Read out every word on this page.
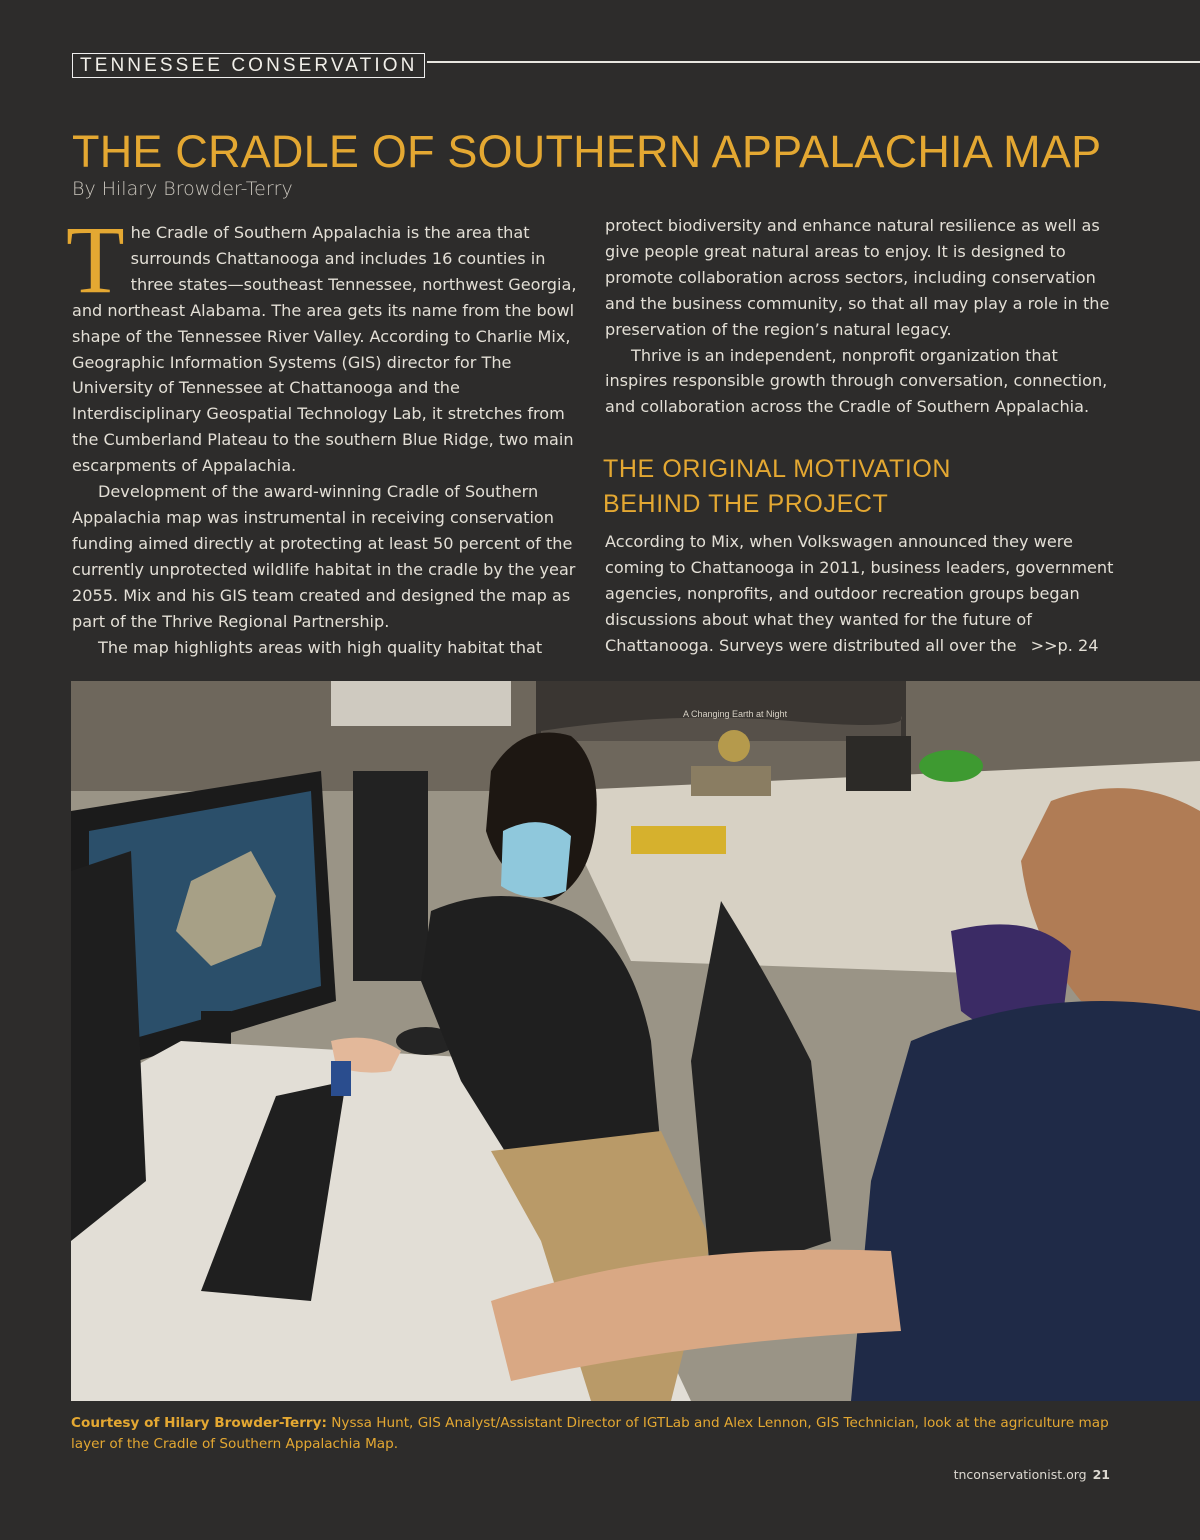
TENNESSEE CONSERVATION
THE CRADLE OF SOUTHERN APPALACHIA MAP
By Hilary Browder-Terry

The Cradle of Southern Appalachia is the area that surrounds Chattanooga and includes 16 counties in three states—southeast Tennessee, northwest Georgia, and northeast Alabama. The area gets its name from the bowl shape of the Tennessee River Valley. According to Charlie Mix, Geographic Information Systems (GIS) director for The University of Tennessee at Chattanooga and the Interdisciplinary Geospatial Technology Lab, it stretches from the Cumberland Plateau to the southern Blue Ridge, two main escarpments of Appalachia.

Development of the award-winning Cradle of Southern Appalachia map was instrumental in receiving conservation funding aimed directly at protecting at least 50 percent of the currently unprotected wildlife habitat in the cradle by the year 2055. Mix and his GIS team created and designed the map as part of the Thrive Regional Partnership.

The map highlights areas with high quality habitat that

protect biodiversity and enhance natural resilience as well as give people great natural areas to enjoy. It is designed to promote collaboration across sectors, including conservation and the business community, so that all may play a role in the preservation of the region’s natural legacy.

Thrive is an independent, nonprofit organization that inspires responsible growth through conversation, connection, and collaboration across the Cradle of Southern Appalachia.

THE ORIGINAL MOTIVATION
BEHIND THE PROJECT

According to Mix, when Volkswagen announced they were coming to Chattanooga in 2011, business leaders, government agencies, nonprofits, and outdoor recreation groups began discussions about what they wanted for the future of Chattanooga. Surveys were distributed all over the >>p. 24

A Changing Earth at Night
Courtesy of Hilary Browder-Terry: Nyssa Hunt, GIS Analyst/Assistant Director of IGTLab and Alex Lennon, GIS Technician, look at the agriculture map layer of the Cradle of Southern Appalachia Map.
tnconservationist.org 21
